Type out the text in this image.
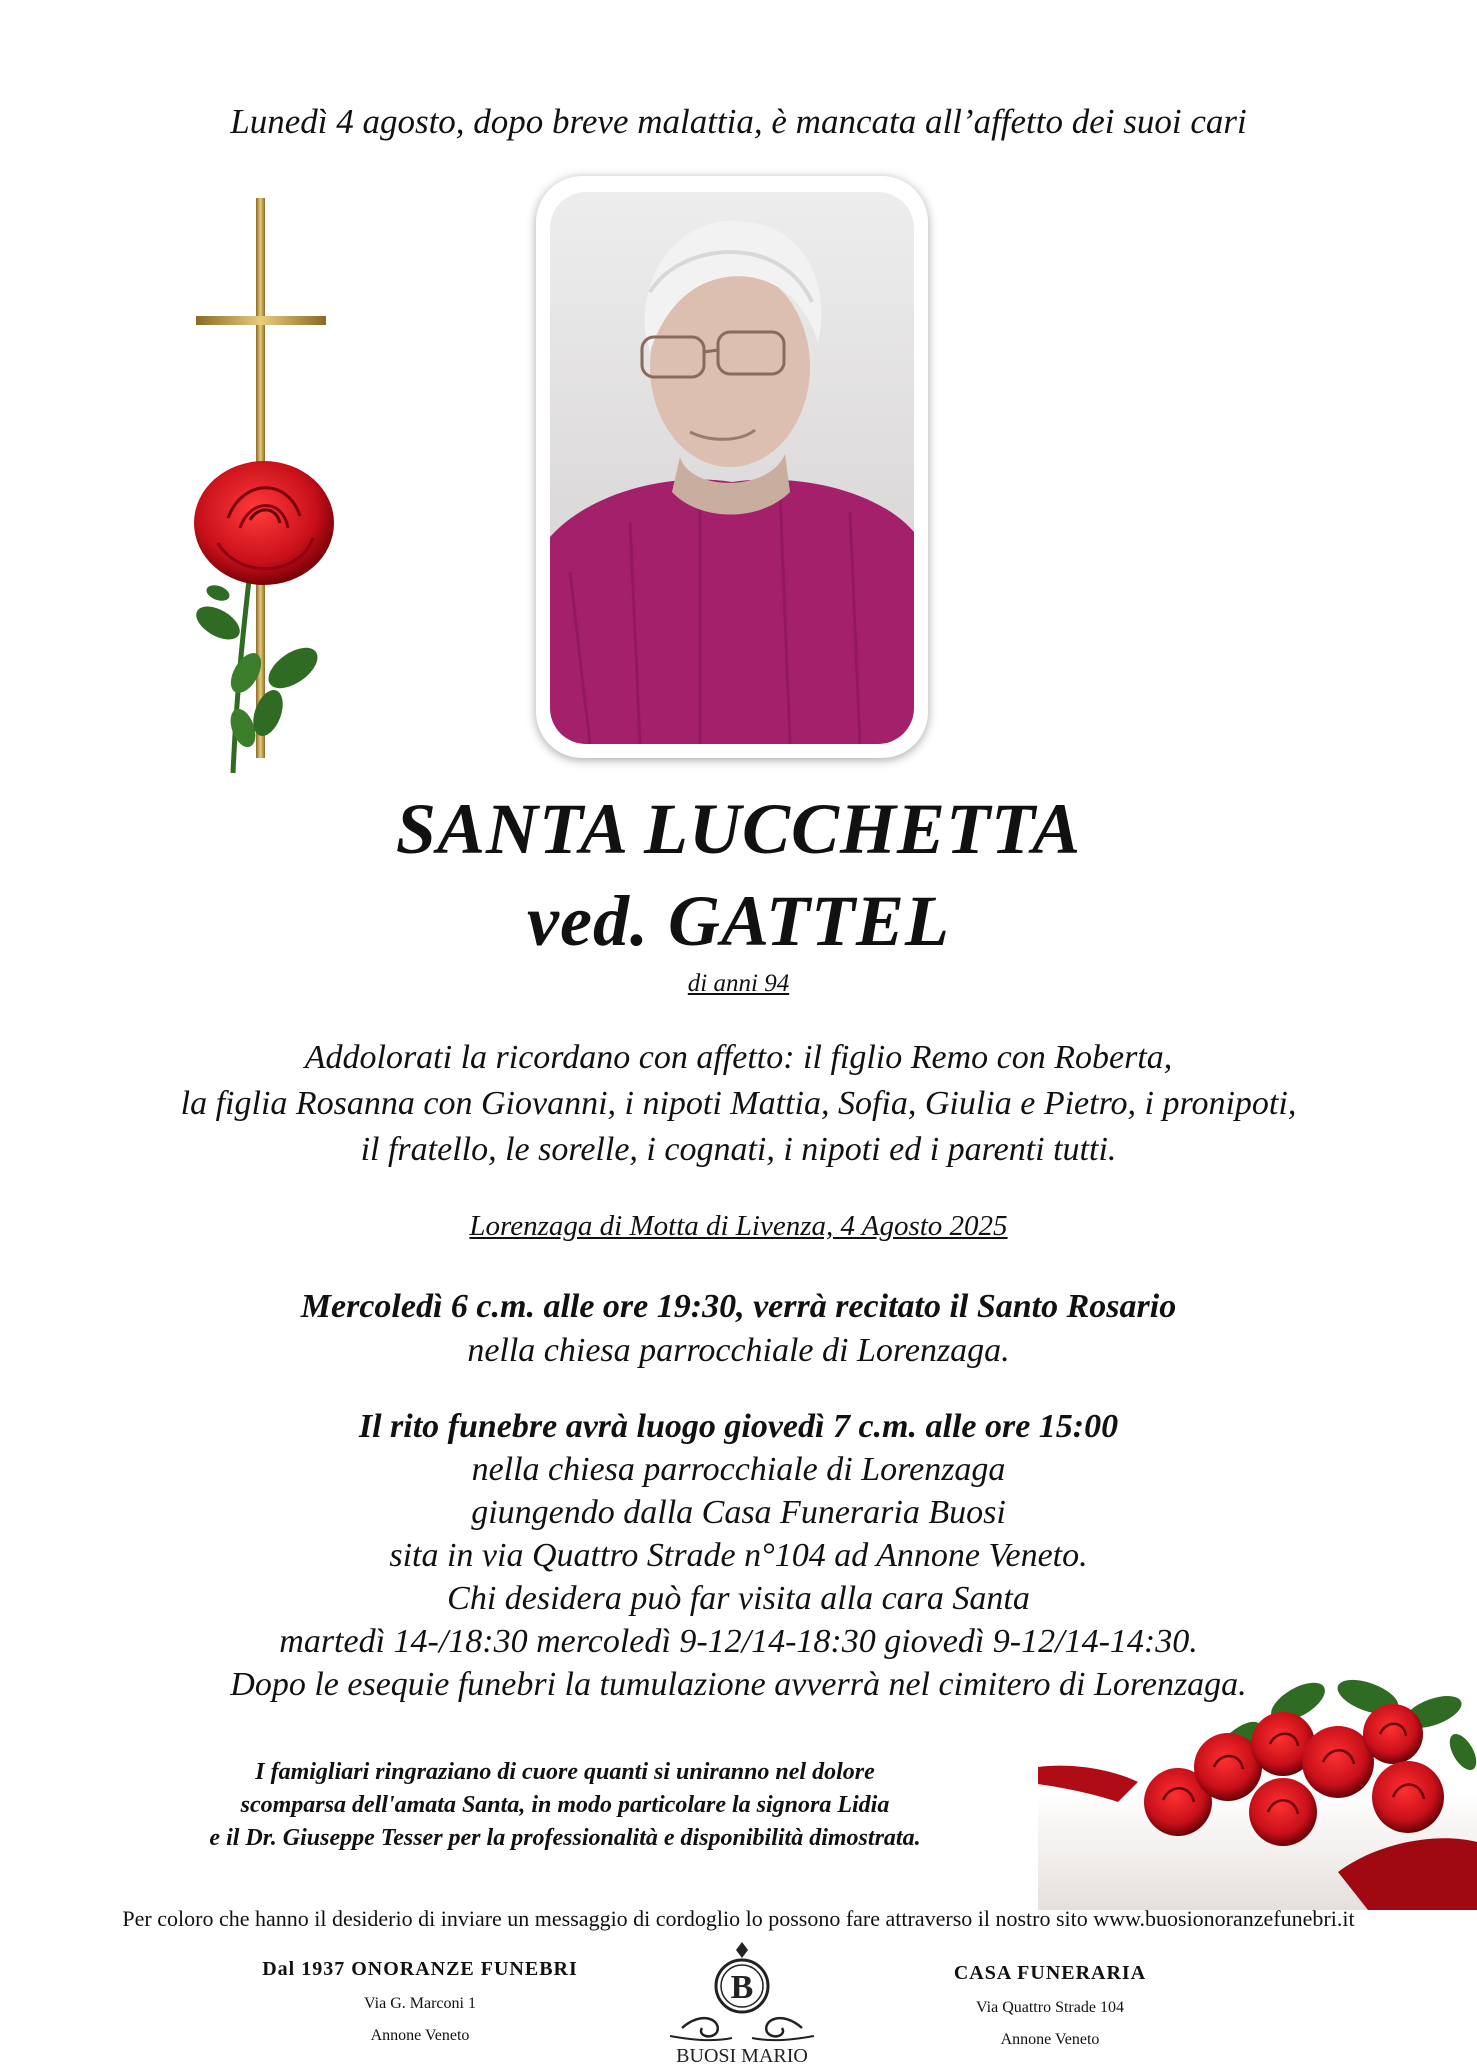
Lunedì 4 agosto, dopo breve malattia, è mancata all’affetto dei suoi cari
SANTA LUCCHETTA
ved. GATTEL
di anni 94
Addolorati la ricordano con affetto: il figlio Remo con Roberta,
la figlia Rosanna con Giovanni, i nipoti Mattia, Sofia, Giulia e Pietro, i pronipoti,
il fratello, le sorelle, i cognati, i nipoti ed i parenti tutti.
Lorenzaga di Motta di Livenza, 4 Agosto 2025
Mercoledì 6 c.m. alle ore 19:30, verrà recitato il Santo Rosario
nella chiesa parrocchiale di Lorenzaga.
Il rito funebre avrà luogo giovedì 7 c.m. alle ore 15:00
nella chiesa parrocchiale di Lorenzaga
giungendo dalla Casa Funeraria Buosi
sita in via Quattro Strade n°104 ad Annone Veneto.
Chi desidera può far visita alla cara Santa
martedì 14-/18:30 mercoledì 9-12/14-18:30 giovedì 9-12/14-14:30.
Dopo le esequie funebri la tumulazione avverrà nel cimitero di Lorenzaga.
I famigliari ringraziano di cuore quanti si uniranno nel dolore
scomparsa dell'amata Santa, in modo particolare la signora Lidia
e il Dr. Giuseppe Tesser per la professionalità e disponibilità dimostrata.
Per coloro che hanno il desiderio di inviare un messaggio di cordoglio lo possono fare attraverso il nostro sito www.buosionoranzefunebri.it
Dal 1937 ONORANZE FUNEBRI
Via G. Marconi 1
Annone Veneto
B
BUOSI MARIO
CASA FUNERARIA
Via Quattro Strade 104
Annone Veneto
